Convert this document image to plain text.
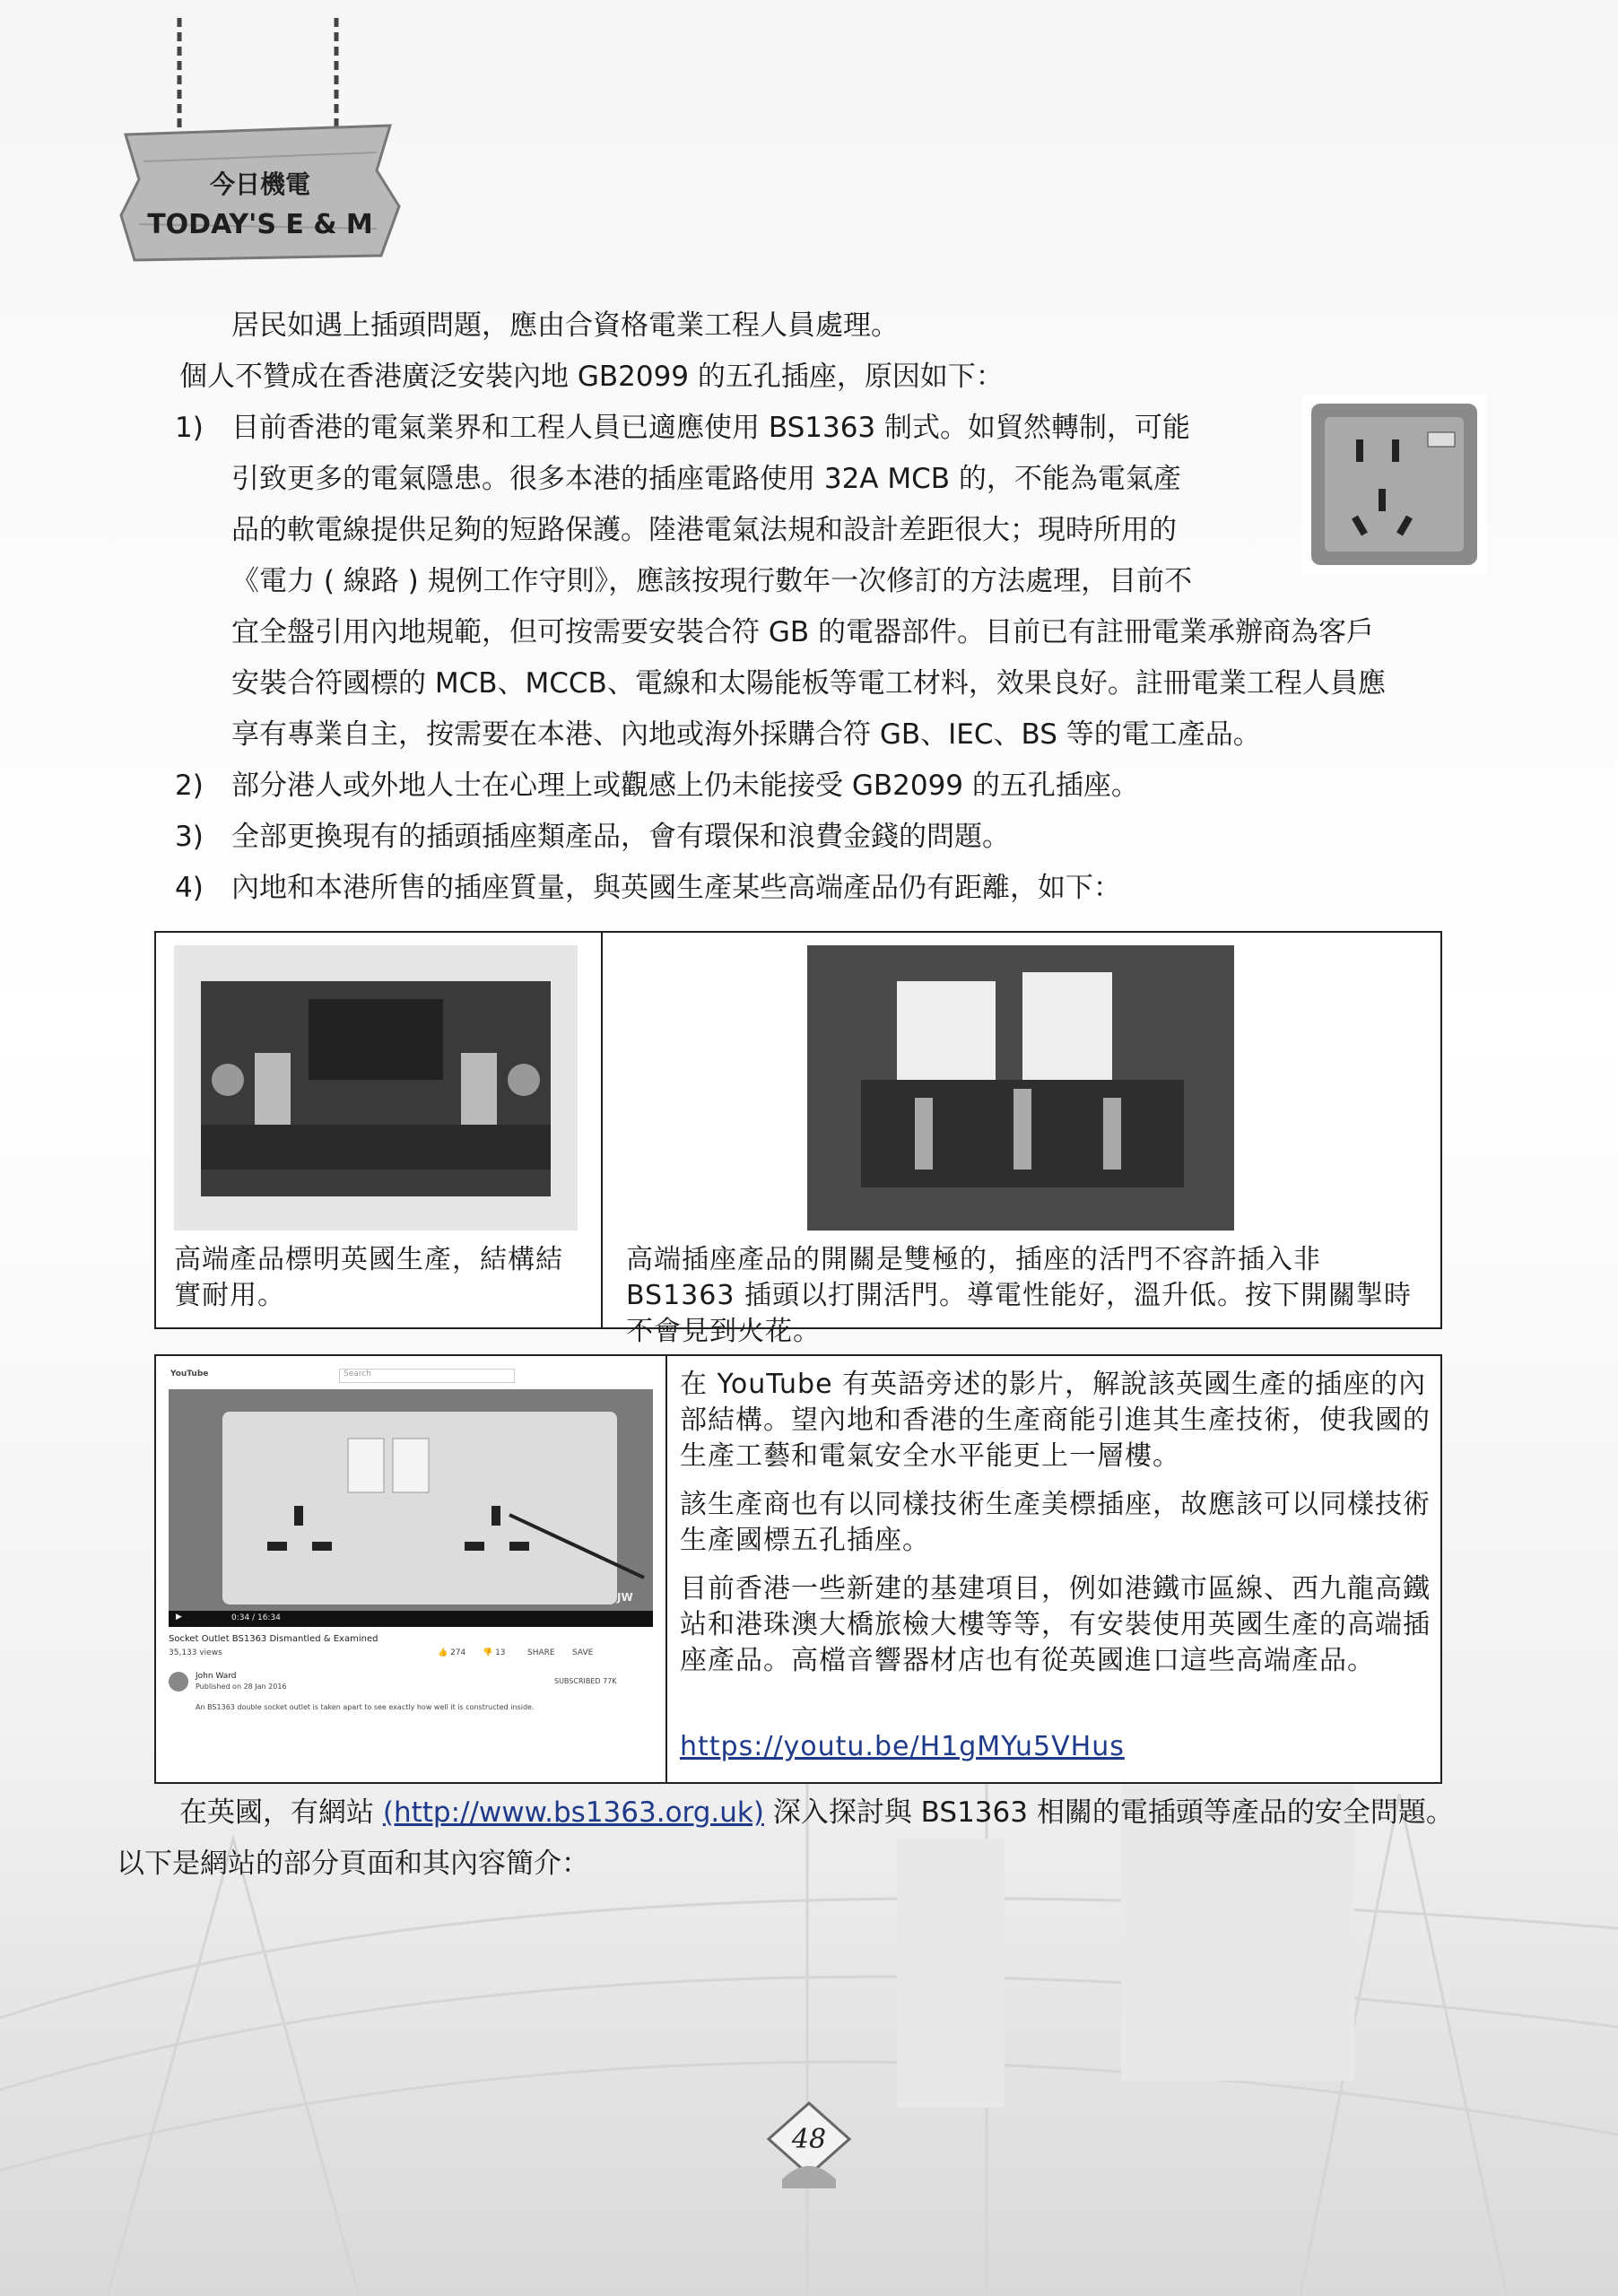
今日機電
TODAY'S E & M
居民如遇上插頭問題，應由合資格電業工程人員處理。
個人不贊成在香港廣泛安裝內地 GB2099 的五孔插座，原因如下：
1) 目前香港的電氣業界和工程人員已適應使用 BS1363 制式。如貿然轉制，可能
引致更多的電氣隱患。很多本港的插座電路使用 32A MCB 的，不能為電氣產
品的軟電線提供足夠的短路保護。陸港電氣法規和設計差距很大；現時所用的
《電力 ( 線路 ) 規例工作守則》，應該按現行數年一次修訂的方法處理，目前不
宜全盤引用內地規範，但可按需要安裝合符 GB 的電器部件。目前已有註冊電業承辦商為客戶
安裝合符國標的 MCB、MCCB、電線和太陽能板等電工材料，效果良好。註冊電業工程人員應
享有專業自主，按需要在本港、內地或海外採購合符 GB、IEC、BS 等的電工產品。
2) 部分港人或外地人士在心理上或觀感上仍未能接受 GB2099 的五孔插座。
3) 全部更換現有的插頭插座類產品，會有環保和浪費金錢的問題。
4) 內地和本港所售的插座質量，與英國生產某些高端產品仍有距離，如下：
高端產品標明英國生產，結構結實耐用。
高端插座產品的開關是雙極的，插座的活門不容許插入非 BS1363 插頭以打開活門。導電性能好，溫升低。按下開關掣時不會見到火花。
YouTube	Search
0:34 / 16:34
JW
▶
Socket Outlet BS1363 Dismantled & Examined
35,133 views	👍 274 👎 13	SHARE SAVE
John Ward
Published on 28 Jan 2016
SUBSCRIBED 77K
An BS1363 double socket outlet is taken apart to see exactly how well it is constructed inside.
在 YouTube 有英語旁述的影片，解說該英國生產的插座的內部結構。望內地和香港的生產商能引進其生產技術，使我國的生產工藝和電氣安全水平能更上一層樓。
該生產商也有以同樣技術生產美標插座，故應該可以同樣技術生產國標五孔插座。
目前香港一些新建的基建項目，例如港鐵市區線、西九龍高鐵站和港珠澳大橋旅檢大樓等等，有安裝使用英國生產的高端插座產品。高檔音響器材店也有從英國進口這些高端產品。
https://youtu.be/H1gMYu5VHus
在英國，有網站 (http://www.bs1363.org.uk) 深入探討與 BS1363 相關的電插頭等產品的安全問題。
以下是網站的部分頁面和其內容簡介：
48
